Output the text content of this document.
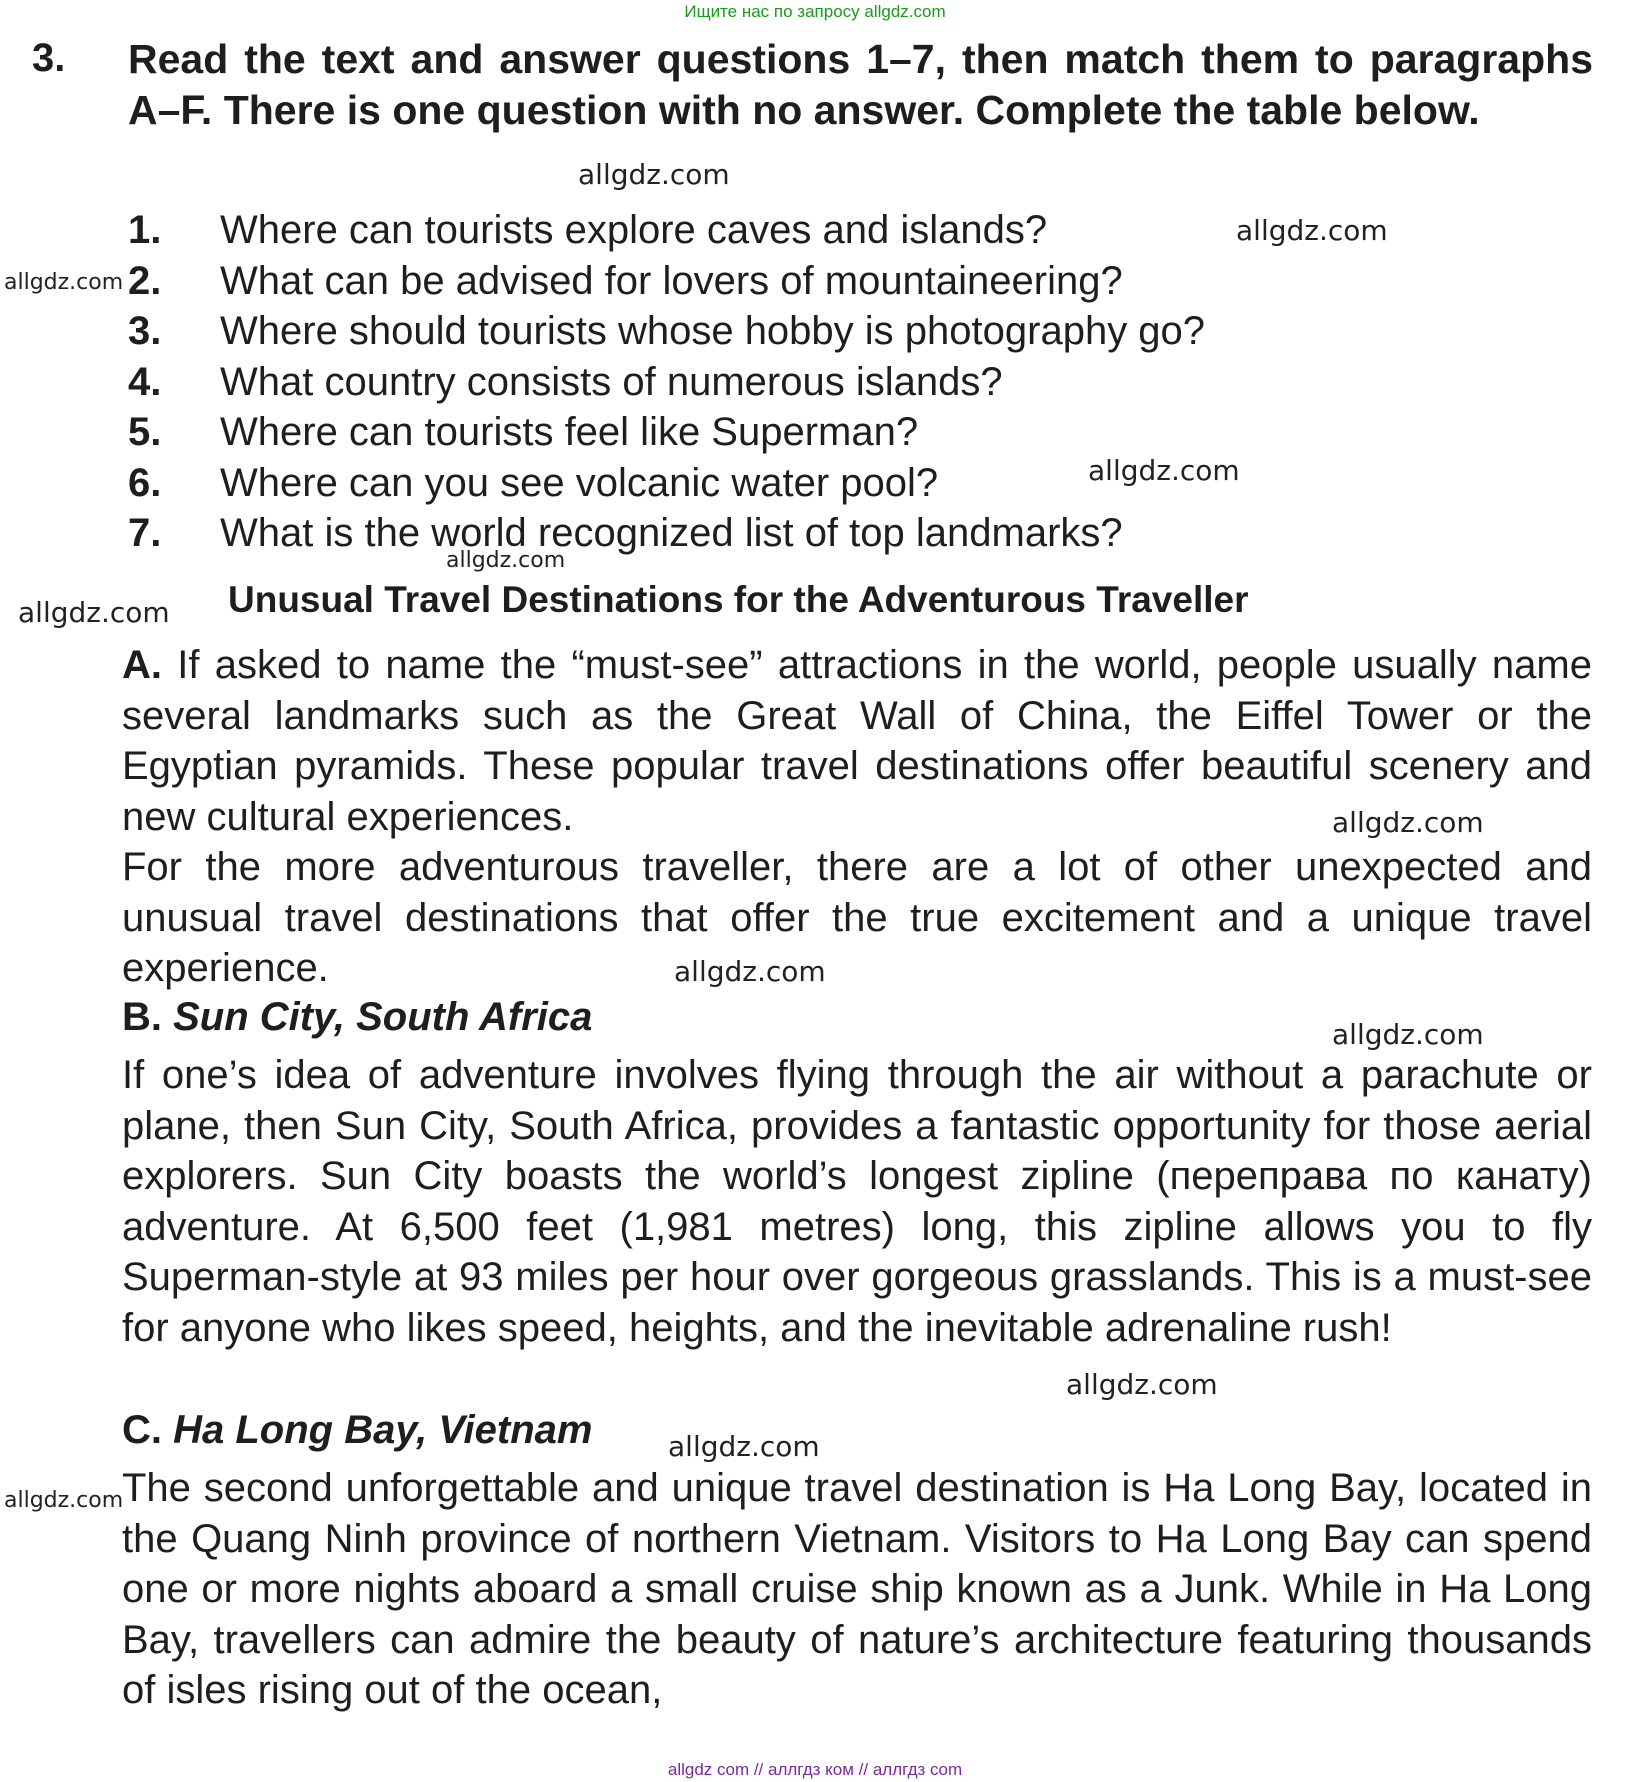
Ищите нас по запросу allgdz.com
3. Read the text and answer questions 1–7, then match them to paragraphs A–F. There is one question with no answer. Complete the table below.

1. Where can tourists explore caves and islands?
2. What can be advised for lovers of mountaineering?
3. Where should tourists whose hobby is photography go?
4. What country consists of numerous islands?
5. Where can tourists feel like Superman?
6. Where can you see volcanic water pool?
7. What is the world recognized list of top landmarks?
Unusual Travel Destinations for the Adventurous Traveller

A. If asked to name the “must-see” attractions in the world, people usually name several landmarks such as the Great Wall of China, the Eiffel Tower or the Egyptian pyramids. These popular travel destinations offer beautiful scenery and new cultural experiences.

For the more adventurous traveller, there are a lot of other unexpected and unusual travel destinations that offer the true excitement and a unique travel experience.

B. Sun City, South Africa

If one’s idea of adventure involves flying through the air without a parachute or plane, then Sun City, South Africa, provides a fantastic opportunity for those aerial explorers. Sun City boasts the world’s longest zipline (переправа по канату) adventure. At 6,500 feet (1,981 metres) long, this zipline allows you to fly Superman-style at 93 miles per hour over gorgeous grasslands. This is a must-see for anyone who likes speed, heights, and the inevitable adrenaline rush!

C. Ha Long Bay, Vietnam

The second unforgettable and unique travel destination is Ha Long Bay, located in the Quang Ninh province of northern Vietnam. Visitors to Ha Long Bay can spend one or more nights aboard a small cruise ship known as a Junk. While in Ha Long Bay, travellers can admire the beauty of nature’s architecture featuring thousands of isles rising out of the ocean,

allgdz.com
allgdz.com
allgdz.com
allgdz.com
allgdz.com
allgdz.com
allgdz.com
allgdz.com
allgdz.com
allgdz.com
allgdz.com
allgdz.com
allgdz com // аллгдз ком // аллгдз com
